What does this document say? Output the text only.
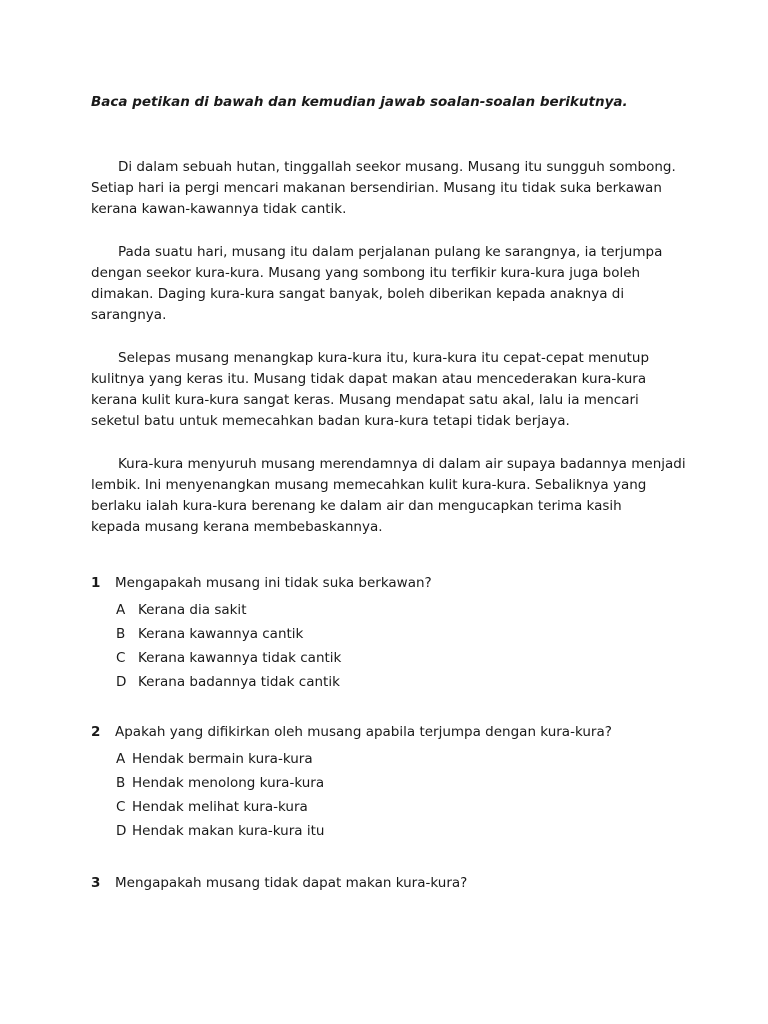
Baca petikan di bawah dan kemudian jawab soalan-soalan berikutnya.

Di dalam sebuah hutan, tinggallah seekor musang. Musang itu sungguh sombong.
Setiap hari ia pergi mencari makanan bersendirian. Musang itu tidak suka berkawan
kerana kawan-kawannya tidak cantik.

Pada suatu hari, musang itu dalam perjalanan pulang ke sarangnya, ia terjumpa
dengan seekor kura-kura. Musang yang sombong itu terfikir kura-kura juga boleh
dimakan. Daging kura-kura sangat banyak, boleh diberikan kepada anaknya di
sarangnya.

Selepas musang menangkap kura-kura itu, kura-kura itu cepat-cepat menutup
kulitnya yang keras itu. Musang tidak dapat makan atau mencederakan kura-kura
kerana kulit kura-kura sangat keras. Musang mendapat satu akal, lalu ia mencari
seketul batu untuk memecahkan badan kura-kura tetapi tidak berjaya.

Kura-kura menyuruh musang merendamnya di dalam air supaya badannya menjadi
lembik. Ini menyenangkan musang memecahkan kulit kura-kura. Sebaliknya yang
berlaku ialah kura-kura berenang ke dalam air dan mengucapkan terima kasih
kepada musang kerana membebaskannya.

1 Mengapakah musang ini tidak suka berkawan?
A Kerana dia sakit
B Kerana kawannya cantik
C Kerana kawannya tidak cantik
D Kerana badannya tidak cantik
2 Apakah yang difikirkan oleh musang apabila terjumpa dengan kura-kura?
A Hendak bermain kura-kura
B Hendak menolong kura-kura
C Hendak melihat kura-kura
D Hendak makan kura-kura itu
3 Mengapakah musang tidak dapat makan kura-kura?
